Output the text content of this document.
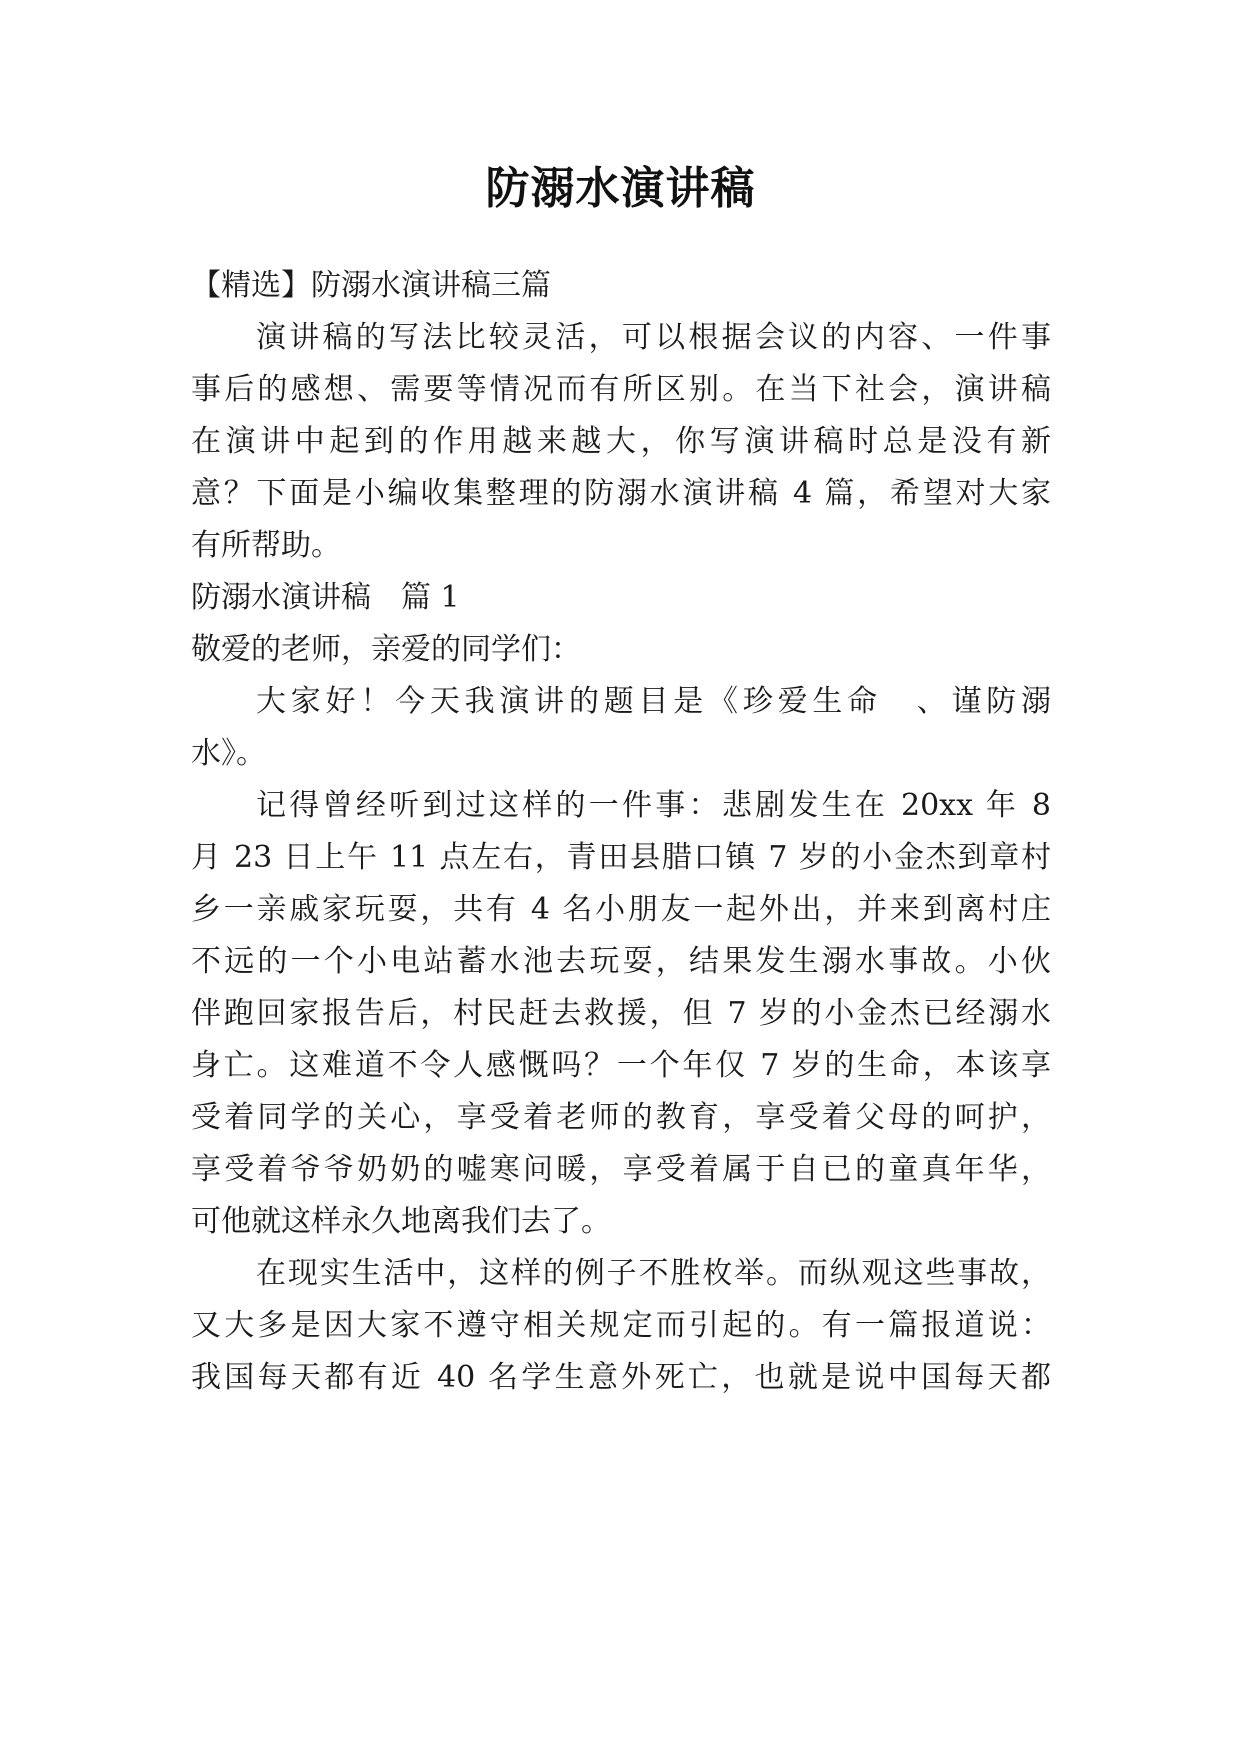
防溺水演讲稿
【精选】防溺水演讲稿三篇
演讲稿的写法比较灵活，可以根据会议的内容、一件事
事后的感想、需要等情况而有所区别。在当下社会，演讲稿
在演讲中起到的作用越来越大，你写演讲稿时总是没有新
意？下面是小编收集整理的防溺水演讲稿 4 篇，希望对大家
有所帮助。
防溺水演讲稿　篇 1
敬爱的老师，亲爱的同学们：
大家好！今天我演讲的题目是《珍爱生命　、谨防溺
水》。
记得曾经听到过这样的一件事：悲剧发生在 20xx 年 8
月 23 日上午 11 点左右，青田县腊口镇 7 岁的小金杰到章村
乡一亲戚家玩耍，共有 4 名小朋友一起外出，并来到离村庄
不远的一个小电站蓄水池去玩耍，结果发生溺水事故。小伙
伴跑回家报告后，村民赶去救援，但 7 岁的小金杰已经溺水
身亡。这难道不令人感慨吗？一个年仅 7 岁的生命，本该享
受着同学的关心，享受着老师的教育，享受着父母的呵护，
享受着爷爷奶奶的嘘寒问暖，享受着属于自已的童真年华，
可他就这样永久地离我们去了。
在现实生活中，这样的例子不胜枚举。而纵观这些事故，
又大多是因大家不遵守相关规定而引起的。有一篇报道说：
我国每天都有近 40 名学生意外死亡，也就是说中国每天都
